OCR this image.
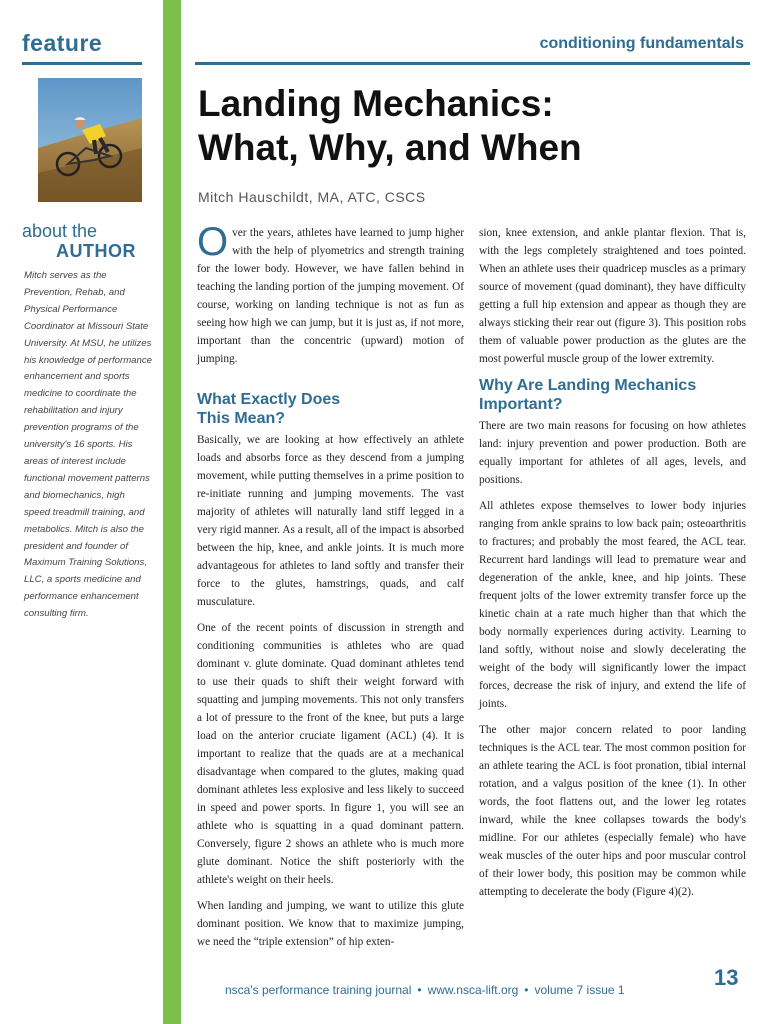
feature	conditioning fundamentals
about the
AUTHOR

Mitch serves as the Prevention, Rehab, and Physical Performance Coordinator at Missouri State University. At MSU, he utilizes his knowledge of performance enhancement and sports medicine to coordinate the rehabilitation and injury prevention programs of the university's 16 sports. His areas of interest include functional movement patterns and biomechanics, high speed treadmill training, and metabolics. Mitch is also the president and founder of Maximum Training Solutions, LLC, a sports medicine and performance enhancement consulting firm.

Landing Mechanics:
What, Why, and When
Mitch Hauschildt, MA, ATC, CSCS

Over the years, athletes have learned to jump higher with the help of plyometrics and strength training for the lower body. However, we have fallen behind in teaching the landing portion of the jumping movement. Of course, working on landing technique is not as fun as seeing how high we can jump, but it is just as, if not more, important than the concentric (upward) motion of jumping.

What Exactly Does
This Mean?

Basically, we are looking at how effectively an athlete loads and absorbs force as they descend from a jumping movement, while putting themselves in a prime position to re-initiate running and jumping movements. The vast majority of athletes will naturally land stiff legged in a very rigid manner. As a result, all of the impact is absorbed between the hip, knee, and ankle joints. It is much more advantageous for athletes to land softly and transfer their force to the glutes, hamstrings, quads, and calf musculature.

One of the recent points of discussion in strength and conditioning communities is athletes who are quad dominant v. glute dominate. Quad dominant athletes tend to use their quads to shift their weight forward with squatting and jumping movements. This not only transfers a lot of pressure to the front of the knee, but puts a large load on the anterior cruciate ligament (ACL) (4). It is important to realize that the quads are at a mechanical disadvantage when compared to the glutes, making quad dominant athletes less explosive and less likely to succeed in speed and power sports. In figure 1, you will see an athlete who is squatting in a quad dominant pattern. Conversely, figure 2 shows an athlete who is much more glute dominant. Notice the shift posteriorly with the athlete's weight on their heels.

When landing and jumping, we want to utilize this glute dominant position. We know that to maximize jumping, we need the “triple extension” of hip exten-

sion, knee extension, and ankle plantar flexion. That is, with the legs completely straightened and toes pointed. When an athlete uses their quadricep muscles as a primary source of movement (quad dominant), they have difficulty getting a full hip extension and appear as though they are always sticking their rear out (figure 3). This position robs them of valuable power production as the glutes are the most powerful muscle group of the lower extremity.

Why Are Landing Mechanics
Important?

There are two main reasons for focusing on how athletes land: injury prevention and power production. Both are equally important for athletes of all ages, levels, and positions.

All athletes expose themselves to lower body injuries ranging from ankle sprains to low back pain; osteoarthritis to fractures; and probably the most feared, the ACL tear. Recurrent hard landings will lead to premature wear and degeneration of the ankle, knee, and hip joints. These frequent jolts of the lower extremity transfer force up the kinetic chain at a rate much higher than that which the body normally experiences during activity. Learning to land softly, without noise and slowly decelerating the weight of the body will significantly lower the impact forces, decrease the risk of injury, and extend the life of joints.

The other major concern related to poor landing techniques is the ACL tear. The most common position for an athlete tearing the ACL is foot pronation, tibial internal rotation, and a valgus position of the knee (1). In other words, the foot flattens out, and the lower leg rotates inward, while the knee collapses towards the body's midline. For our athletes (especially female) who have weak muscles of the outer hips and poor muscular control of their lower body, this position may be common while attempting to decelerate the body (Figure 4)(2).

nsca's performance training journal • www.nsca-lift.org • volume 7 issue 1	13
